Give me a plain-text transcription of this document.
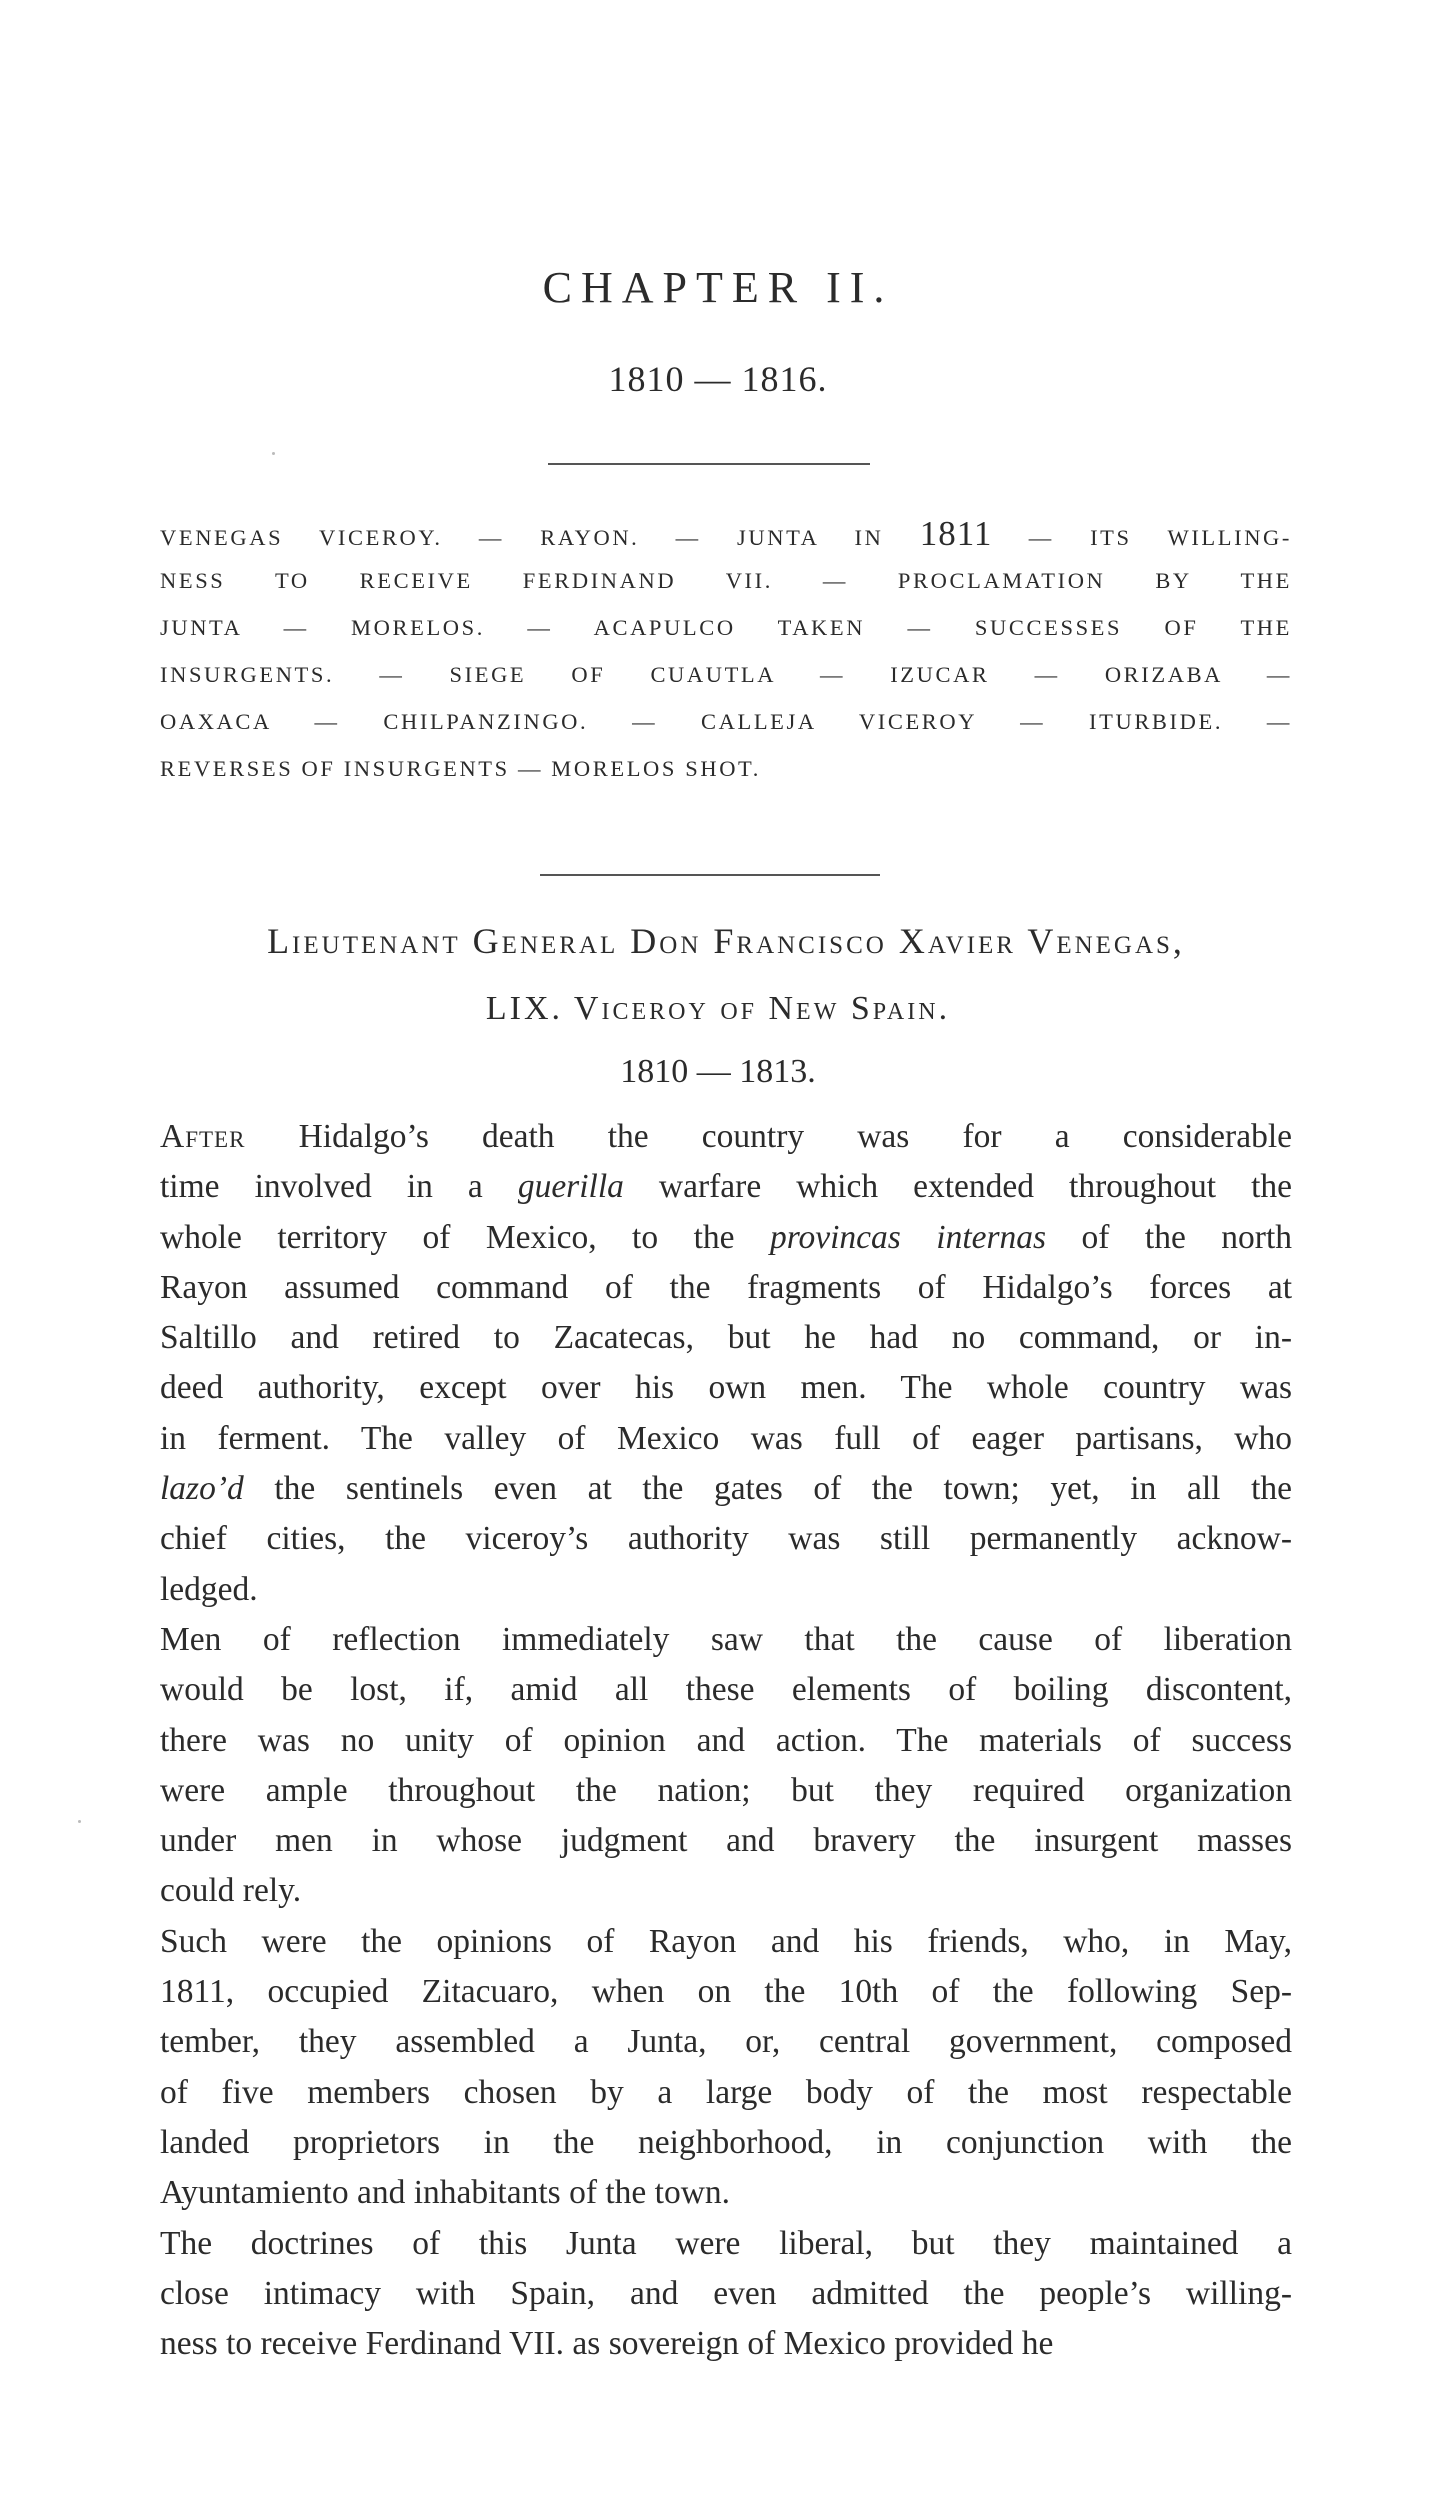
CHAPTER II.
1810 — 1816.
VENEGAS VICEROY. — RAYON. — JUNTA IN 1811 — ITS WILLING-
NESS TO RECEIVE FERDINAND VII. — PROCLAMATION BY THE
JUNTA — MORELOS. — ACAPULCO TAKEN — SUCCESSES OF THE
INSURGENTS. — SIEGE OF CUAUTLA — IZUCAR — ORIZABA —
OAXACA — CHILPANZINGO. — CALLEJA VICEROY — ITURBIDE. —
REVERSES OF INSURGENTS — MORELOS SHOT.
Lieutenant General Don Francisco Xavier Venegas,
LIX. Viceroy of New Spain.
1810 — 1813.
After Hidalgo’s death the country was for a considerable
time involved in a guerilla warfare which extended throughout the
whole territory of Mexico, to the provincas internas of the north
Rayon assumed command of the fragments of Hidalgo’s forces at
Saltillo and retired to Zacatecas, but he had no command, or in-
deed authority, except over his own men. The whole country was
in ferment. The valley of Mexico was full of eager partisans, who
lazo’d the sentinels even at the gates of the town; yet, in all the
chief cities, the viceroy’s authority was still permanently acknow-
ledged.
Men of reflection immediately saw that the cause of liberation
would be lost, if, amid all these elements of boiling discontent,
there was no unity of opinion and action. The materials of success
were ample throughout the nation; but they required organization
under men in whose judgment and bravery the insurgent masses
could rely.
Such were the opinions of Rayon and his friends, who, in May,
1811, occupied Zitacuaro, when on the 10th of the following Sep-
tember, they assembled a Junta, or, central government, composed
of five members chosen by a large body of the most respectable
landed proprietors in the neighborhood, in conjunction with the
Ayuntamiento and inhabitants of the town.
The doctrines of this Junta were liberal, but they maintained a
close intimacy with Spain, and even admitted the people’s willing-
ness to receive Ferdinand VII. as sovereign of Mexico provided he
